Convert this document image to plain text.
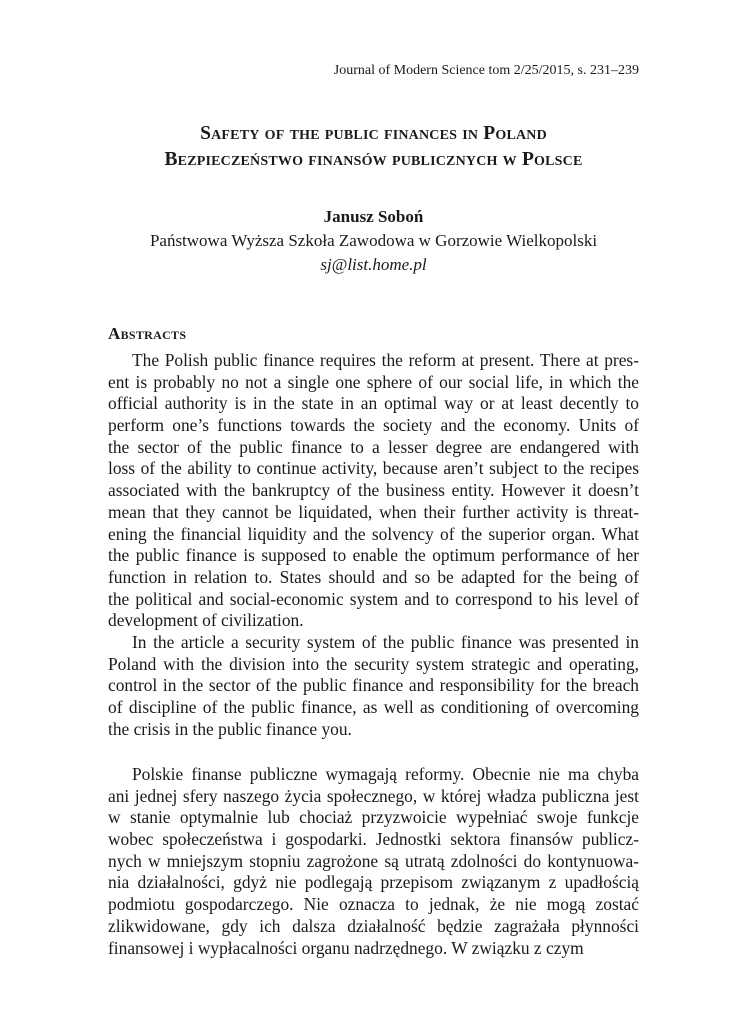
Journal of Modern Science tom 2/25/2015, s. 231–239
Safety of the public finances in Poland
Bezpieczeństwo finansów publicznych w Polsce
Janusz Soboń
Państwowa Wyższa Szkoła Zawodowa w Gorzowie Wielkopolski
sj@list.home.pl
Abstracts
The Polish public finance requires the reform at present. There at pres-
ent is probably no not a single one sphere of our social life, in which the
official authority is in the state in an optimal way or at least decently to
perform one’s functions towards the society and the economy. Units of
the sector of the public finance to a lesser degree are endangered with
loss of the ability to continue activity, because aren’t subject to the recipes
associated with the bankruptcy of the business entity. However it doesn’t
mean that they cannot be liquidated, when their further activity is threat-
ening the financial liquidity and the solvency of the superior organ. What
the public finance is supposed to enable the optimum performance of her
function in relation to. States should and so be adapted for the being of
the political and social-economic system and to correspond to his level of
development of civilization.
In the article a security system of the public finance was presented in
Poland with the division into the security system strategic and operating,
control in the sector of the public finance and responsibility for the breach
of discipline of the public finance, as well as conditioning of overcoming
the crisis in the public finance you.
Polskie finanse publiczne wymagają reformy. Obecnie nie ma chyba
ani jednej sfery naszego życia społecznego, w której władza publiczna jest
w stanie optymalnie lub chociaż przyzwoicie wypełniać swoje funkcje
wobec społeczeństwa i gospodarki. Jednostki sektora finansów publicz-
nych w mniejszym stopniu zagrożone są utratą zdolności do kontynuowa-
nia działalności, gdyż nie podlegają przepisom związanym z upadłością
podmiotu gospodarczego. Nie oznacza to jednak, że nie mogą zostać
zlikwidowane, gdy ich dalsza działalność będzie zagrażała płynności
finansowej i wypłacalności organu nadrzędnego. W związku z czym
